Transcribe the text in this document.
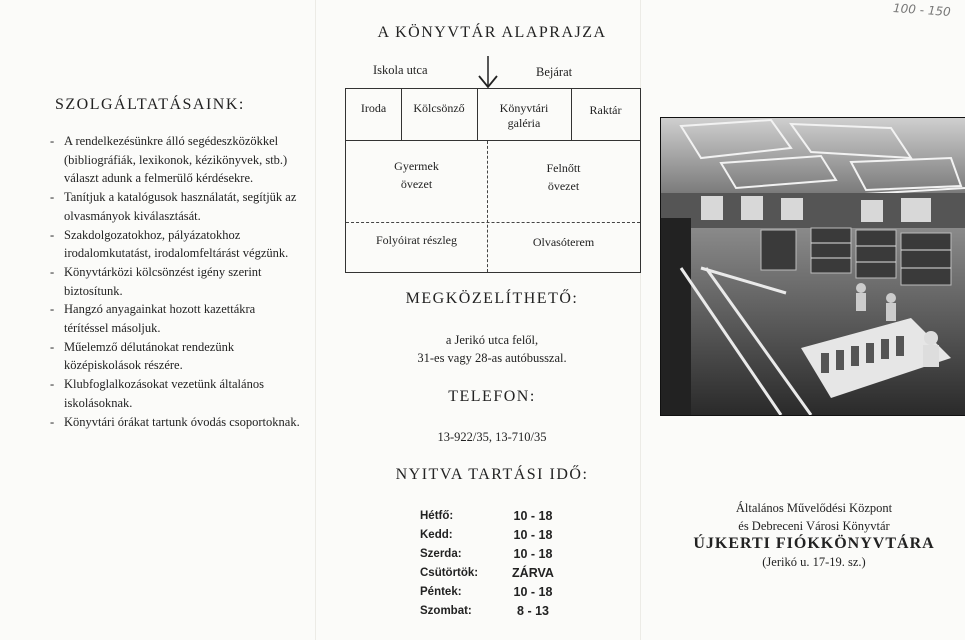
100 - 150
SZOLGÁLTATÁSAINK:
- A rendelkezésünkre álló segédeszközökkel (bibliográfiák, lexikonok, kézikönyvek, stb.) választ adunk a felmerülő kérdésekre.
- Tanítjuk a katalógusok használatát, segítjük az olvasmányok kiválasztását.
- Szakdolgozatokhoz, pályázatokhoz irodalomkutatást, irodalomfeltárást végzünk.
- Könyvtárközi kölcsönzést igény szerint biztosítunk.
- Hangzó anyagainkat hozott kazettákra térítéssel másoljuk.
- Műelemző délutánokat rendezünk középiskolások részére.
- Klubfoglalkozásokat vezetünk általános iskolásoknak.
- Könyvtári órákat tartunk óvodás csoportoknak.
A KÖNYVTÁR ALAPRAJZA
Iskola utca	Bejárat
Iroda	Kölcsönző	Könyvtári
galéria
Raktár
Gyermek
övezet
Felnőtt
övezet
Folyóirat részleg	Olvasóterem
MEGKÖZELÍTHETŐ:
a Jerikó utca felől,
31-es vagy 28-as autóbusszal.
TELEFON:
13-922/35, 13-710/35
NYITVA TARTÁSI IDŐ:
Hétfő:	10 - 18
Kedd:	10 - 18
Szerda:	10 - 18
Csütörtök:	ZÁRVA
Péntek:	10 - 18
Szombat:	8 - 13
Általános Művelődési Központ
és Debreceni Városi Könyvtár
ÚJKERTI FIÓKKÖNYVTÁRA
(Jerikó u. 17-19. sz.)
